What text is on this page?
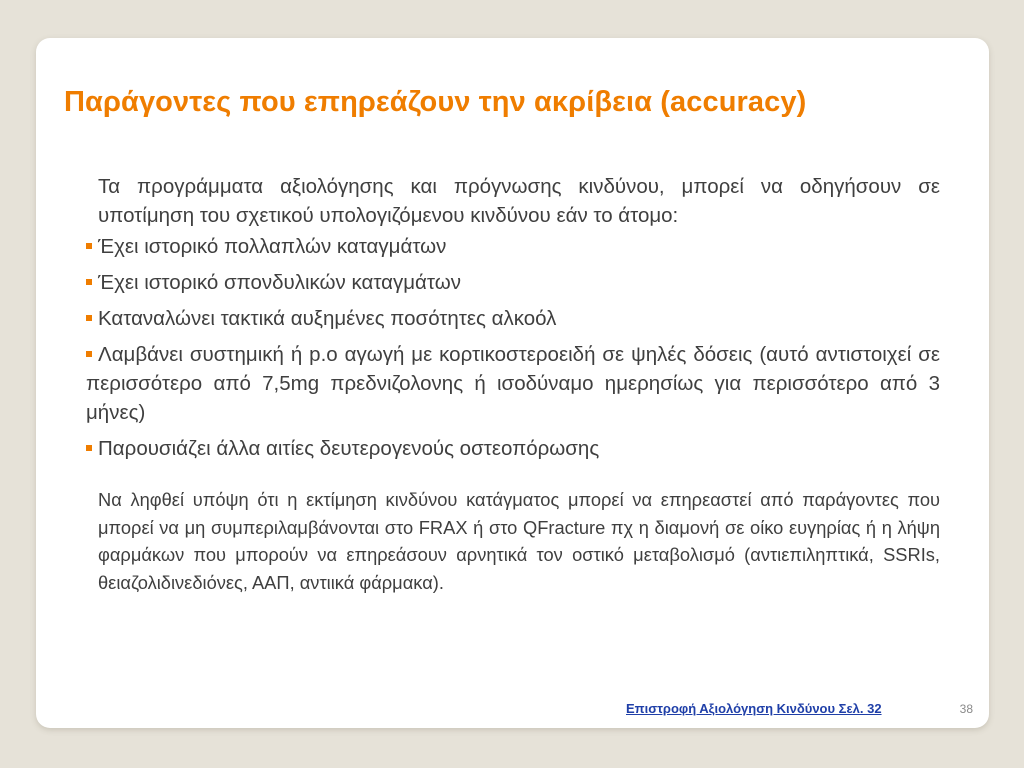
Παράγοντες που επηρεάζουν την ακρίβεια (accuracy)

Τα προγράμματα αξιολόγησης και πρόγνωσης κινδύνου, μπορεί να οδηγήσουν σε υποτίμηση του σχετικού υπολογιζόμενου κινδύνου εάν το άτομο:

Έχει ιστορικό πολλαπλών καταγμάτων
Έχει ιστορικό σπονδυλικών καταγμάτων
Καταναλώνει τακτικά αυξημένες ποσότητες αλκοόλ
Λαμβάνει συστημική ή p.o αγωγή με κορτικοστεροειδή σε ψηλές δόσεις (αυτό αντιστοιχεί σε περισσότερο από 7,5mg πρεδνιζολονης ή ισοδύναμο ημερησίως για περισσότερο από 3 μήνες)
Παρουσιάζει άλλα αιτίες δευτερογενούς οστεοπόρωσης

Να ληφθεί υπόψη ότι η εκτίμηση κινδύνου κατάγματος μπορεί να επηρεαστεί από παράγοντες που μπορεί να μη συμπεριλαμβάνονται στο FRAX ή στο QFracture πχ η διαμονή σε οίκο ευγηρίας ή η λήψη φαρμάκων που μπορούν να επηρεάσουν αρνητικά τον οστικό μεταβολισμό (αντιεπιληπτικά, SSRIs, θειαζολιδινεδιόνες, ΑΑΠ, αντιικά φάρμακα).

Επιστροφή Αξιολόγηση Κινδύνου Σελ. 32	38
